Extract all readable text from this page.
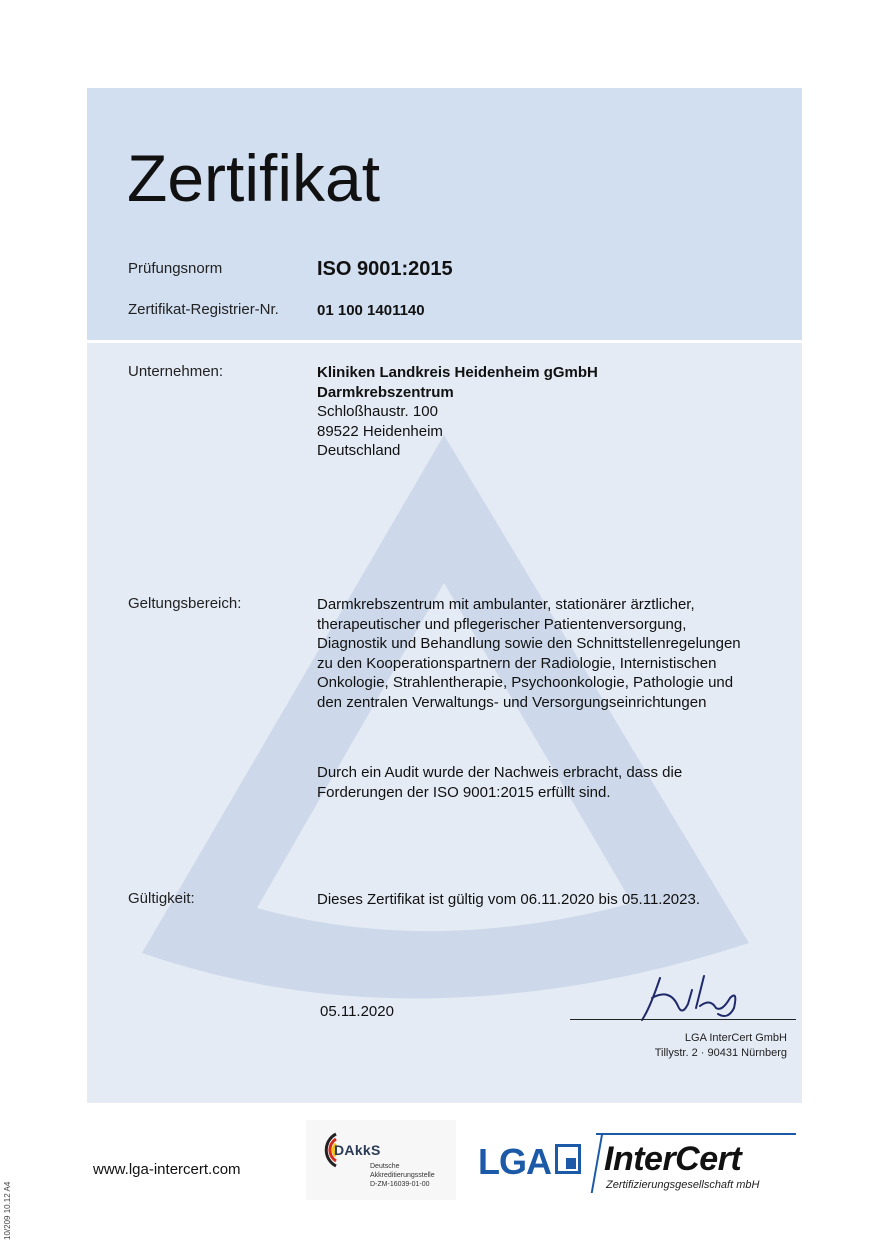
Zertifikat
Prüfungsnorm	ISO 9001:2015
Zertifikat-Registrier-Nr.	01 100 1401140
Unternehmen:	Kliniken Landkreis Heidenheim gGmbH
Darmkrebszentrum
Schloßhaustr. 100
89522 Heidenheim
Deutschland
Geltungsbereich:	Darmkrebszentrum mit ambulanter, stationärer ärztlicher,
therapeutischer und pflegerischer Patientenversorgung,
Diagnostik und Behandlung sowie den Schnittstellenregelungen
zu den Kooperationspartnern der Radiologie, Internistischen
Onkologie, Strahlentherapie, Psychoonkologie, Pathologie und
den zentralen Verwaltungs- und Versorgungseinrichtungen
Durch ein Audit wurde der Nachweis erbracht, dass die
Forderungen der ISO 9001:2015 erfüllt sind.
Gültigkeit:	Dieses Zertifikat ist gültig vom 06.11.2020 bis 05.11.2023.
05.11.2020
LGA InterCert GmbH
Tillystr. 2 · 90431 Nürnberg
www.lga-intercert.com
10/209 10.12 A4
DAkkS
Deutsche
Akkreditierungsstelle
D-ZM-16039-01-00
LGA InterCert
Zertifizierungsgesellschaft mbH
